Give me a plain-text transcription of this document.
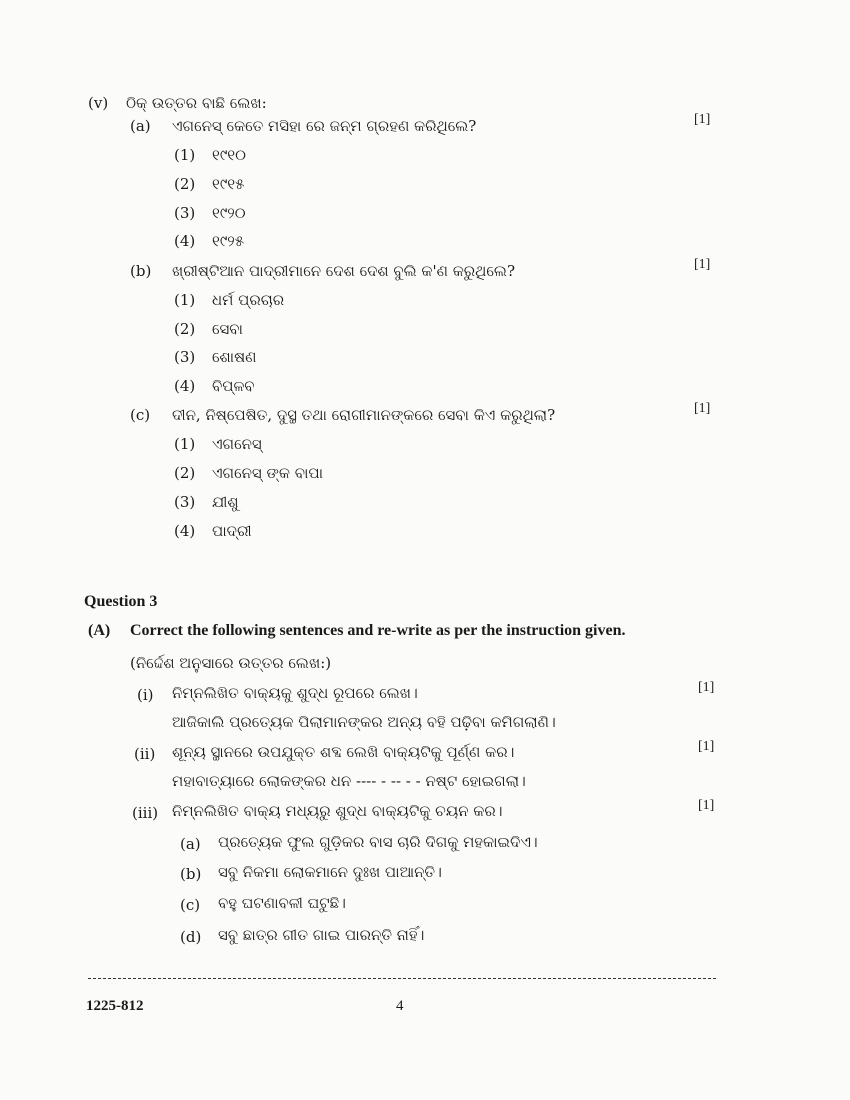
(v) ଠିକ୍ ଉତ୍ତର ବାଛି ଲେଖ:
(a) ଏଗନେସ୍ କେତେ ମସିହା ରେ ଜନ୍ମ ଗ୍ରହଣ କରିଥିଲେ?	[1]
(1) ୧୯୧୦
(2) ୧୯୧୫
(3) ୧୯୨୦
(4) ୧୯୨୫
(b) ଖ୍ରୀଷ୍ଟିଆନ ପାଦ୍ରୀମାନେ ଦେଶ ଦେଶ ବୁଲି କ'ଣ କରୁଥିଲେ?	[1]
(1) ଧର୍ମ ପ୍ରଚାର
(2) ସେବା
(3) ଶୋଷଣ
(4) ବିପ୍ଳବ
(c) ଦୀନ, ନିଷ୍ପେଷିତ, ଦୁସ୍ଥ ତଥା ରୋଗୀମାନଙ୍କରେ ସେବା କିଏ କରୁଥିଲା?	[1]
(1) ଏଗନେସ୍
(2) ଏଗନେସ୍ ଙ୍କ ବାପା
(3) ଯୀଶୁ
(4) ପାଦ୍ରୀ
Question 3
(A) Correct the following sentences and re-write as per the instruction given.
(ନିର୍ଦ୍ଦେଶ ଅନୁସାରେ ଉତ୍ତର ଲେଖ:)
(i) ନିମ୍ନଲିଖିତ ବାକ୍ୟକୁ ଶୁଦ୍ଧ ରୂପରେ ଲେଖ।	[1]
ଆଜିକାଲି ପ୍ରତ୍ୟେକ ପିଲାମାନଙ୍କର ଅନ୍ୟ ବହି ପଢ଼ିବା କମିଗଲାଣି।
(ii) ଶୂନ୍ୟ ସ୍ଥାନରେ ଉପଯୁକ୍ତ ଶବ୍ଦ ଲେଖି ବାକ୍ୟଟିକୁ ପୂର୍ଣ୍ଣ କର।	[1]
ମହାବାତ୍ୟାରେ ଲୋକଙ୍କର ଧନ ---- - -- - - ନଷ୍ଟ ହୋଇଗଲା।
(iii) ନିମ୍ନଲିଖିତ ବାକ୍ୟ ମଧ୍ୟରୁ ଶୁଦ୍ଧ ବାକ୍ୟଟିକୁ ଚୟନ କର।	[1]
(a) ପ୍ରତ୍ୟେକ ଫୁଲ ଗୁଡ଼ିକର ବାସ ଚାରି ଦିଗକୁ ମହକାଇଦିଏ।
(b) ସବୁ ନିକମା ଲୋକମାନେ ଦୁଃଖ ପାଆନ୍ତି।
(c) ବହୁ ଘଟଣାବଳୀ ଘଟୁଛି।
(d) ସବୁ ଛାତ୍ର ଗୀତ ଗାଇ ପାରନ୍ତି ନାହିଁ।
1225-812	4
